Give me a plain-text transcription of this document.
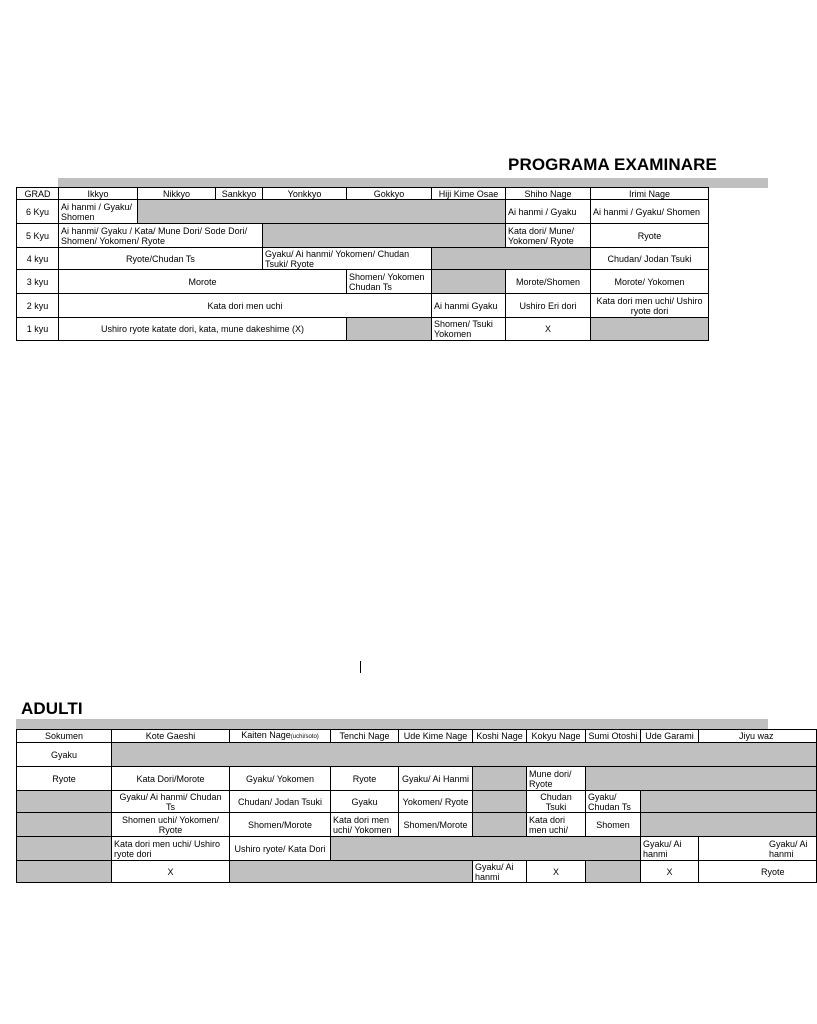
PROGRAMA EXAMINARE
GRAD	Ikkyo	Nikkyo	Sankkyo	Yonkkyo	Gokkyo	Hiji Kime Osae	Shiho Nage	Irimi Nage
6 Kyu	Ai hanmi / Gyaku/ Shomen						Ai hanmi / Gyaku	Ai hanmi / Gyaku/ Shomen
5 Kyu	Ai hanmi/ Gyaku / Kata/ Mune Dori/ Sode Dori/ Shomen/ Yokomen/ Ryote						Kata dori/ Mune/ Yokomen/ Ryote	Ryote
4 kyu	Ryote/Chudan Ts			Gyaku/ Ai hanmi/ Yokomen/ Chudan Tsuki/ Ryote				Chudan/ Jodan Tsuki
3 kyu	Morote				Shomen/ Yokomen Chudan Ts		Morote/Shomen	Morote/ Yokomen
2 kyu	Kata dori men uchi					Ai hanmi Gyaku	Ushiro Eri dori	Kata dori men uchi/ Ushiro ryote dori
1 kyu	Ushiro ryote katate dori, kata, mune dakeshime (X)					Shomen/ Tsuki Yokomen	X	
ADULTI
Sokumen	Kote Gaeshi	Kaiten Nage(uchi/soto)	Tenchi Nage	Ude Kime Nage	Koshi Nage	Kokyu Nage	Sumi Otoshi	Ude Garami	Jiyu waz
Gyaku									
Ryote	Kata Dori/Morote	Gyaku/ Yokomen	Ryote	Gyaku/ Ai Hanmi		Mune dori/ Ryote			
	Gyaku/ Ai hanmi/ Chudan Ts	Chudan/ Jodan Tsuki	Gyaku	Yokomen/ Ryote		Chudan Tsuki	Gyaku/ Chudan Ts		
	Shomen uchi/ Yokomen/ Ryote	Shomen/Morote	Kata dori men uchi/ Yokomen	Shomen/Morote		Kata dori men uchi/	Shomen		
	Kata dori men uchi/ Ushiro ryote dori	Ushiro ryote/ Kata Dori						Gyaku/ Ai hanmi	Gyaku/ Ai hanmi
	X				Gyaku/ Ai hanmi	X		X	Ryote
